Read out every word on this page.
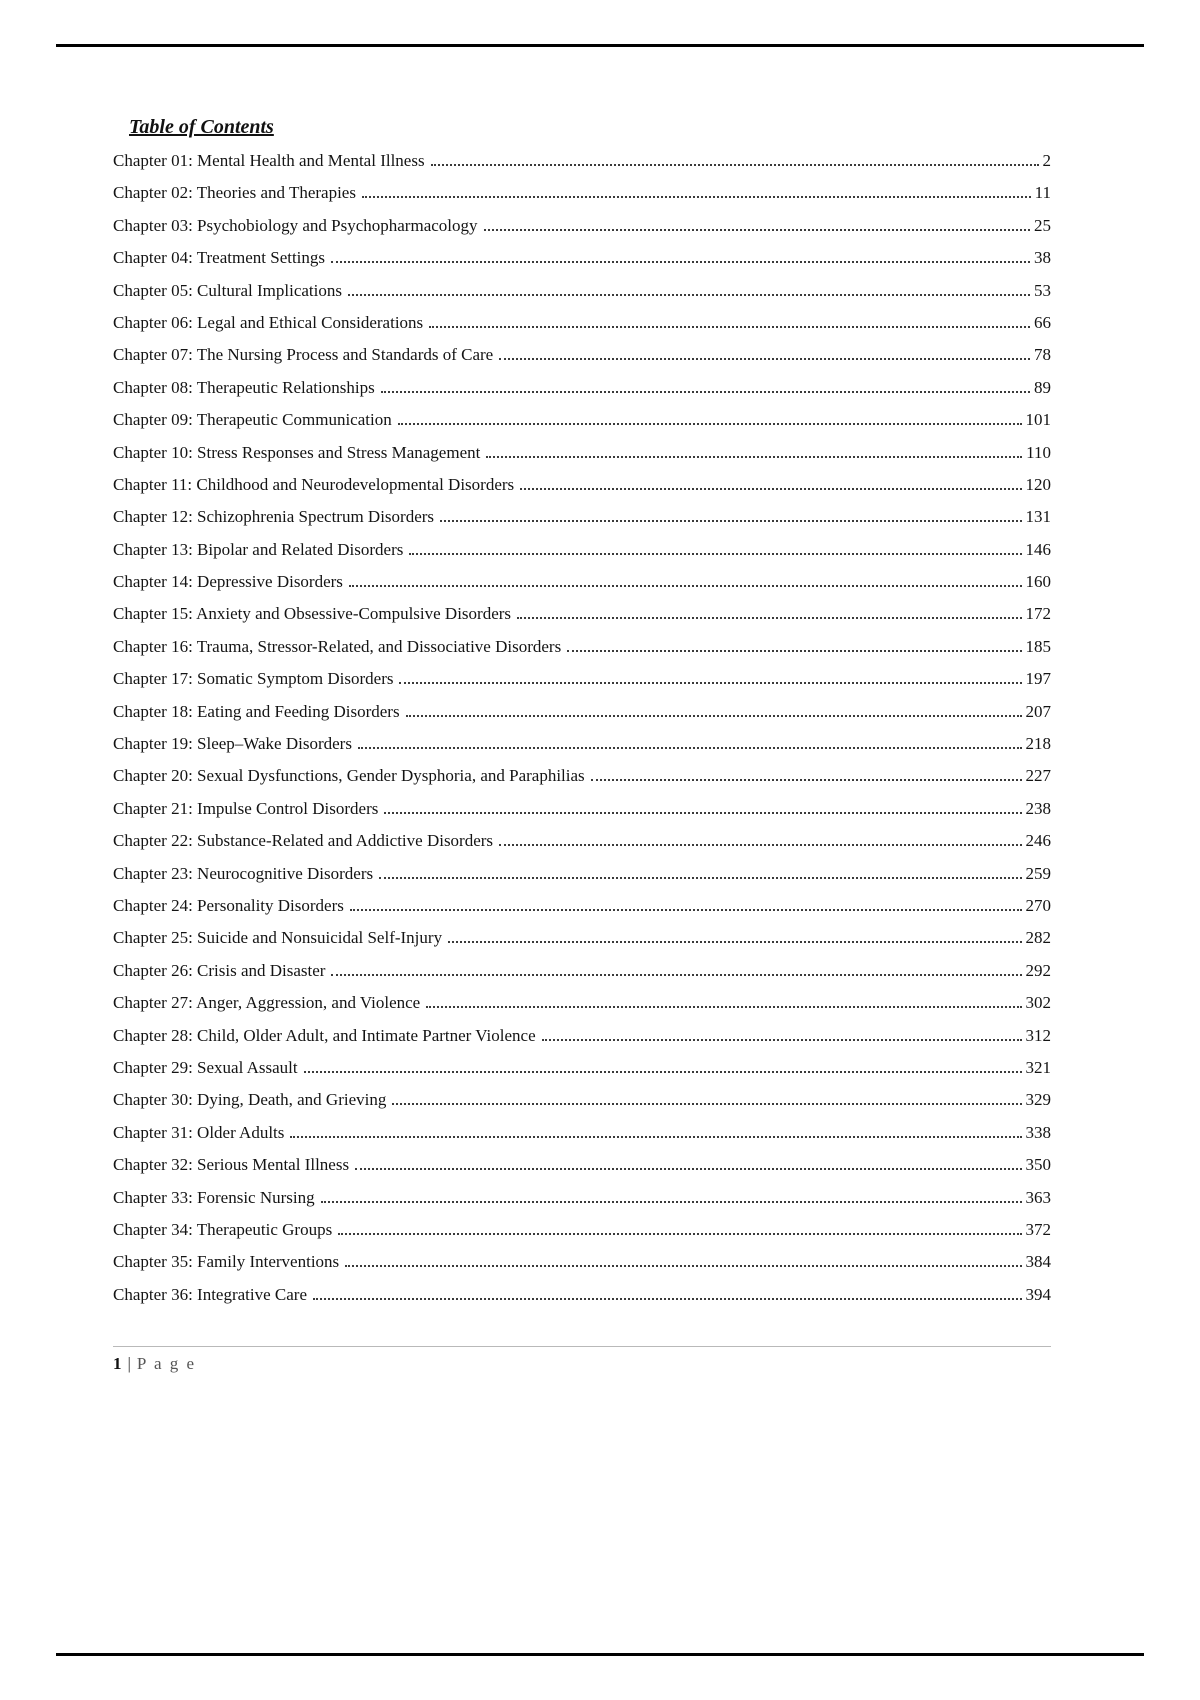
Table of Contents
Chapter 01: Mental Health and Mental Illness	2
Chapter 02: Theories and Therapies	11
Chapter 03: Psychobiology and Psychopharmacology	25
Chapter 04: Treatment Settings	38
Chapter 05: Cultural Implications	53
Chapter 06: Legal and Ethical Considerations	66
Chapter 07: The Nursing Process and Standards of Care	78
Chapter 08: Therapeutic Relationships	89
Chapter 09: Therapeutic Communication	101
Chapter 10: Stress Responses and Stress Management	110
Chapter 11: Childhood and Neurodevelopmental Disorders	120
Chapter 12: Schizophrenia Spectrum Disorders	131
Chapter 13: Bipolar and Related Disorders	146
Chapter 14: Depressive Disorders	160
Chapter 15: Anxiety and Obsessive-Compulsive Disorders	172
Chapter 16: Trauma, Stressor-Related, and Dissociative Disorders	185
Chapter 17: Somatic Symptom Disorders	197
Chapter 18: Eating and Feeding Disorders	207
Chapter 19: Sleep–Wake Disorders	218
Chapter 20: Sexual Dysfunctions, Gender Dysphoria, and Paraphilias	227
Chapter 21: Impulse Control Disorders	238
Chapter 22: Substance-Related and Addictive Disorders	246
Chapter 23: Neurocognitive Disorders	259
Chapter 24: Personality Disorders	270
Chapter 25: Suicide and Nonsuicidal Self-Injury	282
Chapter 26: Crisis and Disaster	292
Chapter 27: Anger, Aggression, and Violence	302
Chapter 28: Child, Older Adult, and Intimate Partner Violence	312
Chapter 29: Sexual Assault	321
Chapter 30: Dying, Death, and Grieving	329
Chapter 31: Older Adults	338
Chapter 32: Serious Mental Illness	350
Chapter 33: Forensic Nursing	363
Chapter 34: Therapeutic Groups	372
Chapter 35: Family Interventions	384
Chapter 36: Integrative Care	394
1 | P a g e
